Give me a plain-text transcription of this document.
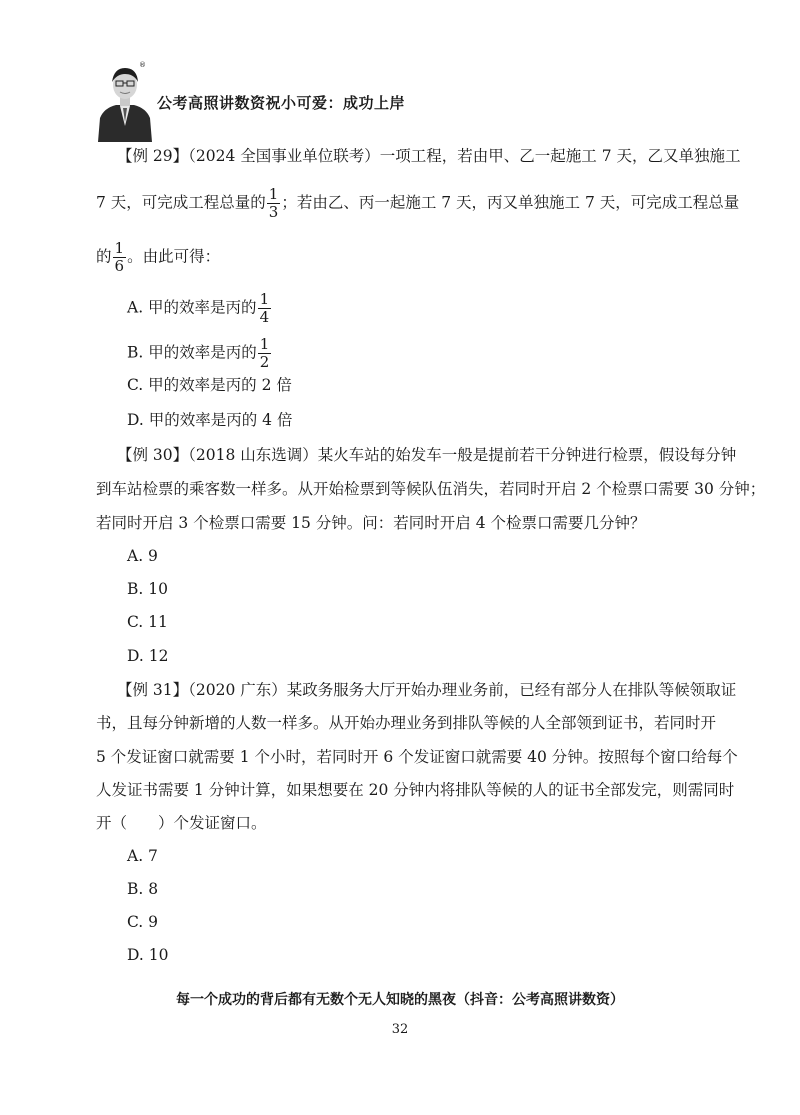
®
公考高照讲数资祝小可爱：成功上岸
【例 29】（2024 全国事业单位联考）一项工程，若由甲、乙一起施工 7 天，乙又单独施工
7 天，可完成工程总量的 $\frac{1}{3}$ ；若由乙、丙一起施工 7 天，丙又单独施工 7 天，可完成工程总量
的 $\frac{1}{6}$ 。由此可得：
A. 甲的效率是丙的 $\frac{1}{4}$
B. 甲的效率是丙的 $\frac{1}{2}$
C. 甲的效率是丙的 2 倍
D. 甲的效率是丙的 4 倍
【例 30】（2018 山东选调）某火车站的始发车一般是提前若干分钟进行检票，假设每分钟
到车站检票的乘客数一样多。从开始检票到等候队伍消失，若同时开启 2 个检票口需要 30 分钟；
若同时开启 3 个检票口需要 15 分钟。问：若同时开启 4 个检票口需要几分钟？
A. 9
B. 10
C. 11
D. 12
【例 31】（2020 广东）某政务服务大厅开始办理业务前，已经有部分人在排队等候领取证
书，且每分钟新增的人数一样多。从开始办理业务到排队等候的人全部领到证书，若同时开
5 个发证窗口就需要 1 个小时，若同时开 6 个发证窗口就需要 40 分钟。按照每个窗口给每个
人发证书需要 1 分钟计算，如果想要在 20 分钟内将排队等候的人的证书全部发完，则需同时
开（　　）个发证窗口。
A. 7
B. 8
C. 9
D. 10
每一个成功的背后都有无数个无人知晓的黑夜（抖音：公考高照讲数资）
32
